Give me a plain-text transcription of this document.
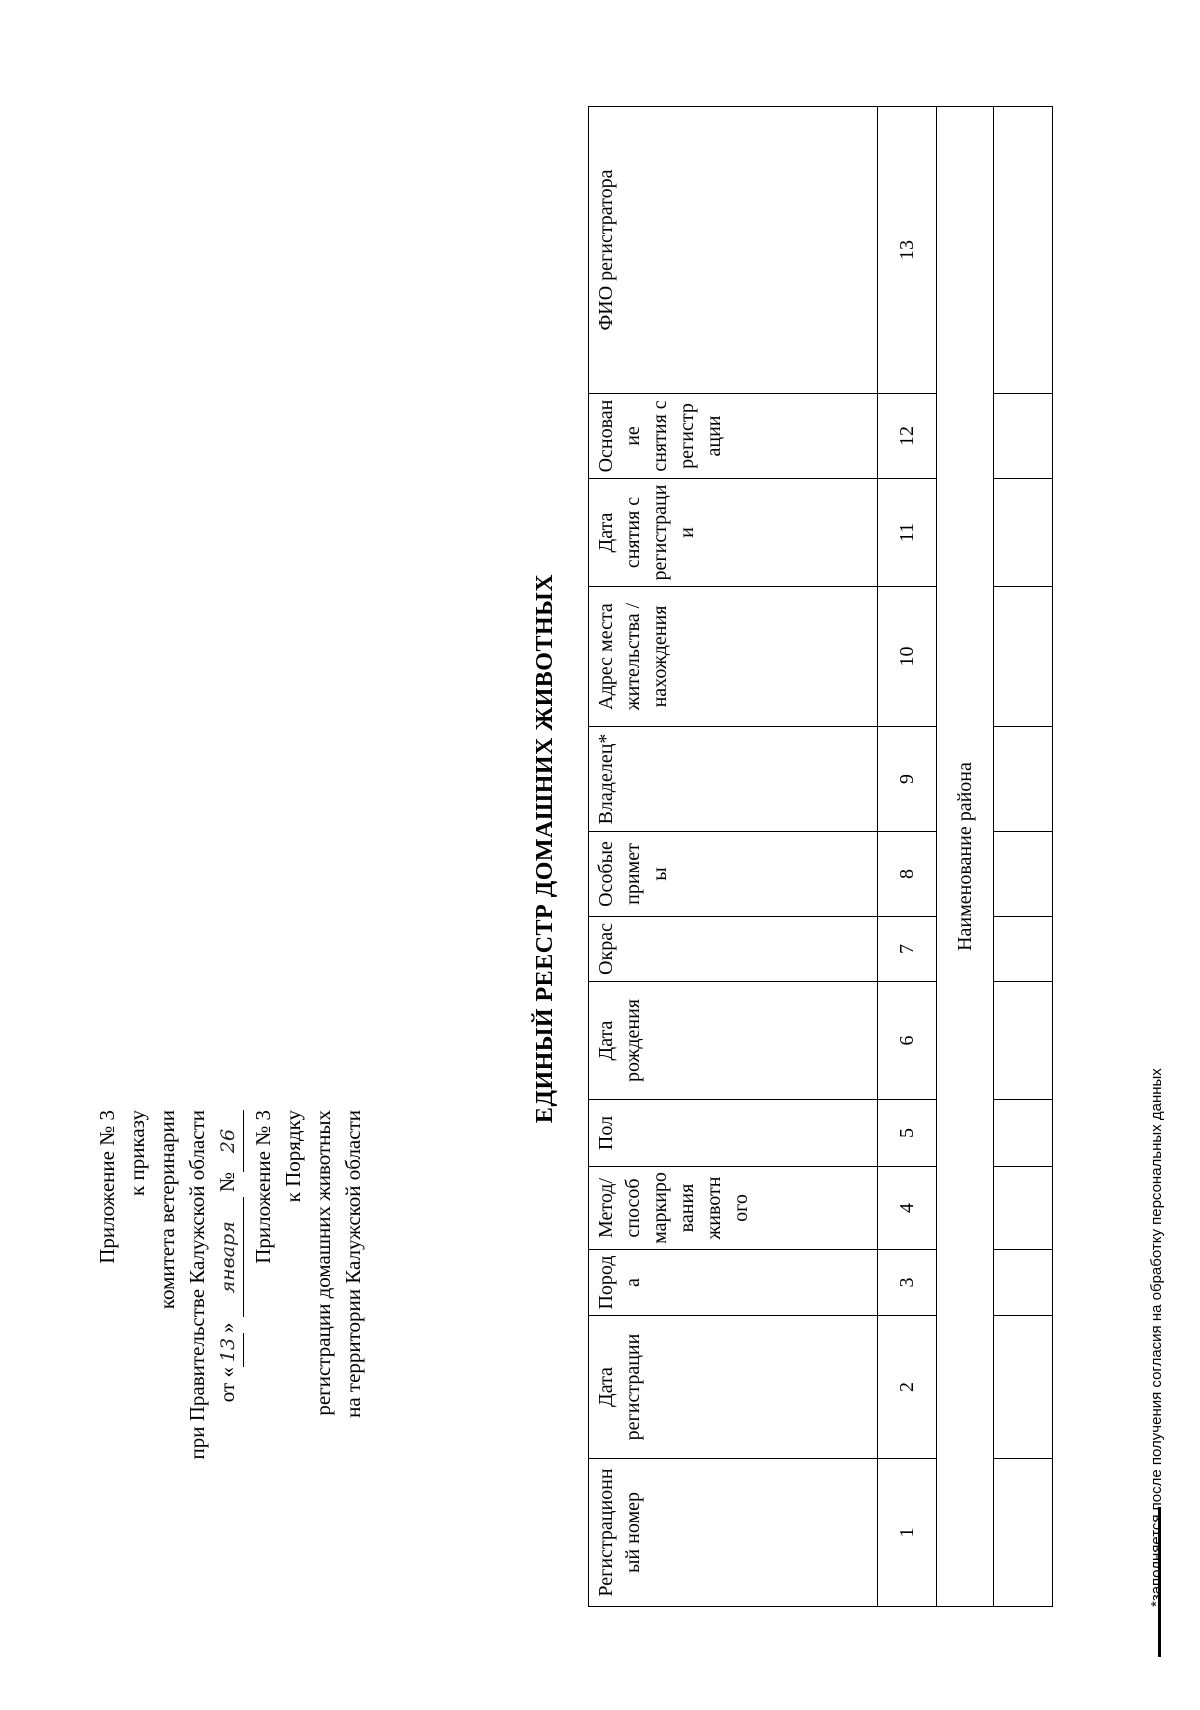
Приложение № 3 к приказу комитета ветеринарии при Правительстве Калужской области от «13» января №26 Приложение № 3 к Порядку регистрации домашних животных на территории Калужской области
ЕДИНЫЙ РЕЕСТР ДОМАШНИХ ЖИВОТНЫХ
Регистрационный номер	Дата регистрации	Порода	Метод/ способ маркирования животного	Пол	Дата рождения	Окрас	Особые приметы	Владелец*	Адрес места жительства /нахождения	Дата снятия с регистрации	Основание снятия с регистрации	ФИО регистратора
1	2	3	4	5	6	7	8	9	10	11	12	13
Наименование района												

*заполняется после получения согласия на обработку персональных данных
